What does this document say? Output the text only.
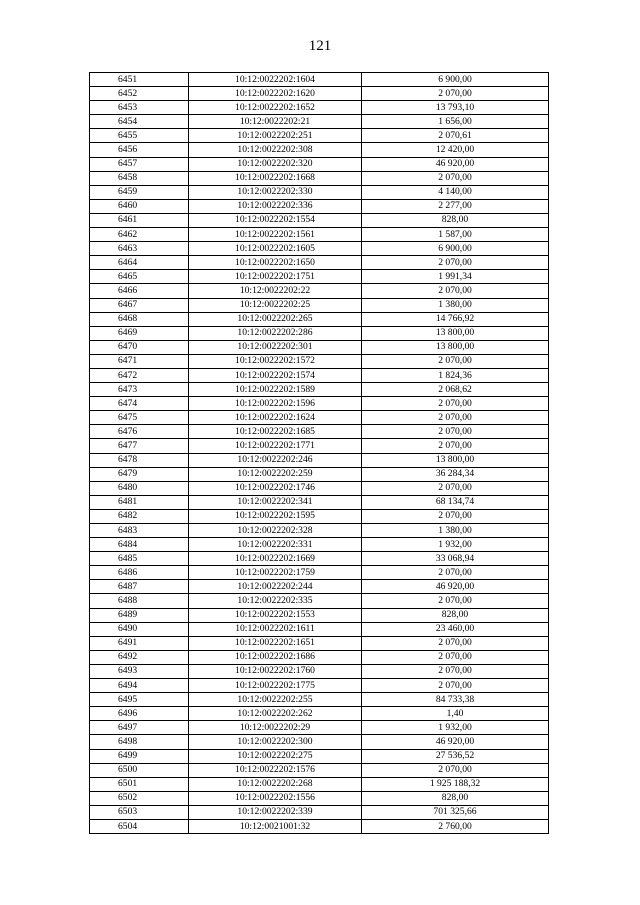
121
6451	10:12:0022202:1604	6 900,00
6452	10:12:0022202:1620	2 070,00
6453	10:12:0022202:1652	13 793,10
6454	10:12:0022202:21	1 656,00
6455	10:12:0022202:251	2 070,61
6456	10:12:0022202:308	12 420,00
6457	10:12:0022202:320	46 920,00
6458	10:12:0022202:1668	2 070,00
6459	10:12:0022202:330	4 140,00
6460	10:12:0022202:336	2 277,00
6461	10:12:0022202:1554	828,00
6462	10:12:0022202:1561	1 587,00
6463	10:12:0022202:1605	6 900,00
6464	10:12:0022202:1650	2 070,00
6465	10:12:0022202:1751	1 991,34
6466	10:12:0022202:22	2 070,00
6467	10:12:0022202:25	1 380,00
6468	10:12:0022202:265	14 766,92
6469	10:12:0022202:286	13 800,00
6470	10:12:0022202:301	13 800,00
6471	10:12:0022202:1572	2 070,00
6472	10:12:0022202:1574	1 824,36
6473	10:12:0022202:1589	2 068,62
6474	10:12:0022202:1596	2 070,00
6475	10:12:0022202:1624	2 070,00
6476	10:12:0022202:1685	2 070,00
6477	10:12:0022202:1771	2 070,00
6478	10:12:0022202:246	13 800,00
6479	10:12:0022202:259	36 284,34
6480	10:12:0022202:1746	2 070,00
6481	10:12:0022202:341	68 134,74
6482	10:12:0022202:1595	2 070,00
6483	10:12:0022202:328	1 380,00
6484	10:12:0022202:331	1 932,00
6485	10:12:0022202:1669	33 068,94
6486	10:12:0022202:1759	2 070,00
6487	10:12:0022202:244	46 920,00
6488	10:12:0022202:335	2 070,00
6489	10:12:0022202:1553	828,00
6490	10:12:0022202:1611	23 460,00
6491	10:12:0022202:1651	2 070,00
6492	10:12:0022202:1686	2 070,00
6493	10:12:0022202:1760	2 070,00
6494	10:12:0022202:1775	2 070,00
6495	10:12:0022202:255	84 733,38
6496	10:12:0022202:262	1,40
6497	10:12:0022202:29	1 932,00
6498	10:12:0022202:300	46 920,00
6499	10:12:0022202:275	27 536,52
6500	10:12:0022202:1576	2 070,00
6501	10:12:0022202:268	1 925 188,32
6502	10:12:0022202:1556	828,00
6503	10:12:0022202:339	701 325,66
6504	10:12:0021001:32	2 760,00
